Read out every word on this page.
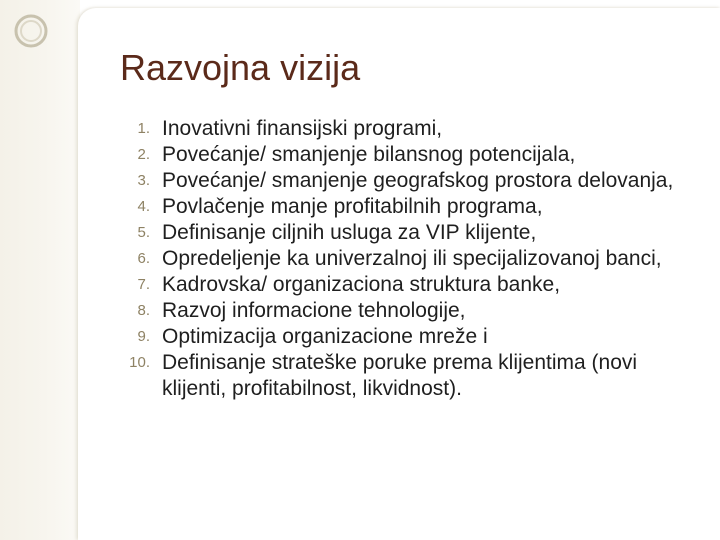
Razvojna vizija
1. Inovativni finansijski programi,
2. Povećanje/ smanjenje bilansnog potencijala,
3. Povećanje/ smanjenje geografskog prostora delovanja,
4. Povlačenje manje profitabilnih programa,
5. Definisanje ciljnih usluga za VIP klijente,
6. Opredeljenje ka univerzalnoj ili specijalizovanoj banci,
7. Kadrovska/ organizaciona struktura banke,
8. Razvoj informacione tehnologije,
9. Optimizacija organizacione mreže i
10. Definisanje strateške poruke prema klijentima (novi klijenti, profitabilnost, likvidnost).
